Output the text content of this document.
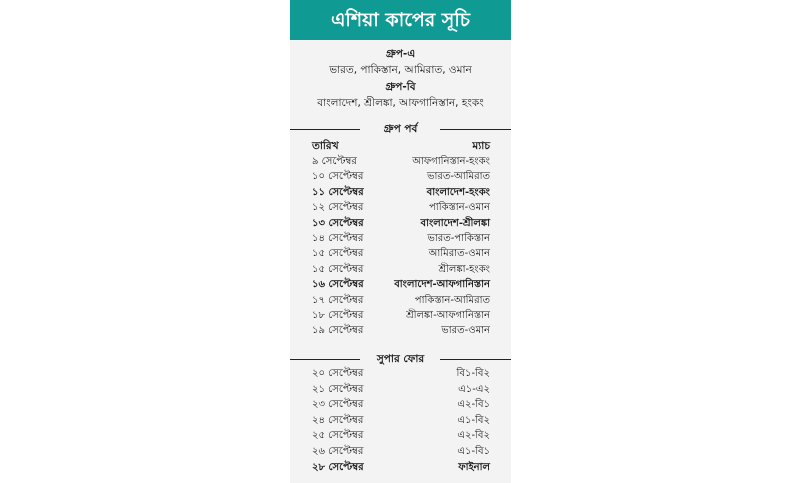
এশিয়া কাপের সূচি
গ্রুপ-এ
ভারত, পাকিস্তান, আমিরাত, ওমান
গ্রুপ-বি
বাংলাদেশ, শ্রীলঙ্কা, আফগানিস্তান, হংকং
গ্রুপ পর্ব
তারিখ	ম্যাচ
৯ সেপ্টেম্বর	আফগানিস্তান-হংকং
১০ সেপ্টেম্বর	ভারত-আমিরাত
১১ সেপ্টেম্বর	বাংলাদেশ-হংকং
১২ সেপ্টেম্বর	পাকিস্তান-ওমান
১৩ সেপ্টেম্বর	বাংলাদেশ-শ্রীলঙ্কা
১৪ সেপ্টেম্বর	ভারত-পাকিস্তান
১৫ সেপ্টেম্বর	আমিরাত-ওমান
১৫ সেপ্টেম্বর	শ্রীলঙ্কা-হংকং
১৬ সেপ্টেম্বর	বাংলাদেশ-আফগানিস্তান
১৭ সেপ্টেম্বর	পাকিস্তান-আমিরাত
১৮ সেপ্টেম্বর	শ্রীলঙ্কা-আফগানিস্তান
১৯ সেপ্টেম্বর	ভারত-ওমান
সুপার ফোর
২০ সেপ্টেম্বর	বি১-বি২
২১ সেপ্টেম্বর	এ১-এ২
২৩ সেপ্টেম্বর	এ২-বি১
২৪ সেপ্টেম্বর	এ১-বি২
২৫ সেপ্টেম্বর	এ২-বি২
২৬ সেপ্টেম্বর	এ১-বি১
২৮ সেপ্টেম্বর	ফাইনাল
